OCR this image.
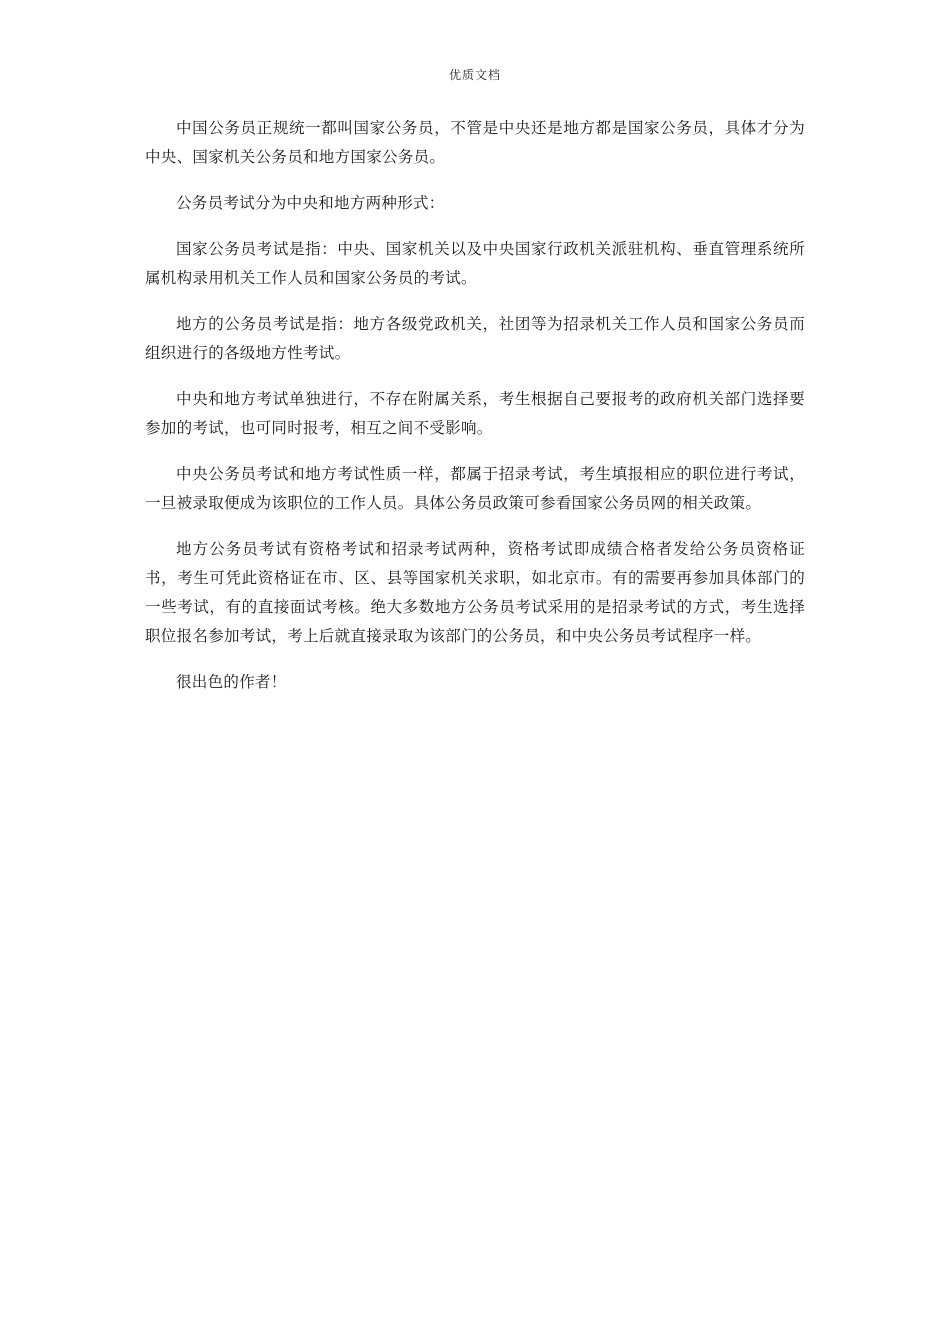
优质文档

中国公务员正规统一都叫国家公务员，不管是中央还是地方都是国家公务员，具体才分为中央、国家机关公务员和地方国家公务员。

公务员考试分为中央和地方两种形式：

国家公务员考试是指：中央、国家机关以及中央国家行政机关派驻机构、垂直管理系统所属机构录用机关工作人员和国家公务员的考试。

地方的公务员考试是指：地方各级党政机关，社团等为招录机关工作人员和国家公务员而组织进行的各级地方性考试。

中央和地方考试单独进行，不存在附属关系，考生根据自己要报考的政府机关部门选择要参加的考试，也可同时报考，相互之间不受影响。

中央公务员考试和地方考试性质一样，都属于招录考试，考生填报相应的职位进行考试，一旦被录取便成为该职位的工作人员。具体公务员政策可参看国家公务员网的相关政策。

地方公务员考试有资格考试和招录考试两种，资格考试即成绩合格者发给公务员资格证书，考生可凭此资格证在市、区、县等国家机关求职，如北京市。有的需要再参加具体部门的一些考试，有的直接面试考核。绝大多数地方公务员考试采用的是招录考试的方式，考生选择职位报名参加考试，考上后就直接录取为该部门的公务员，和中央公务员考试程序一样。

很出色的作者！
